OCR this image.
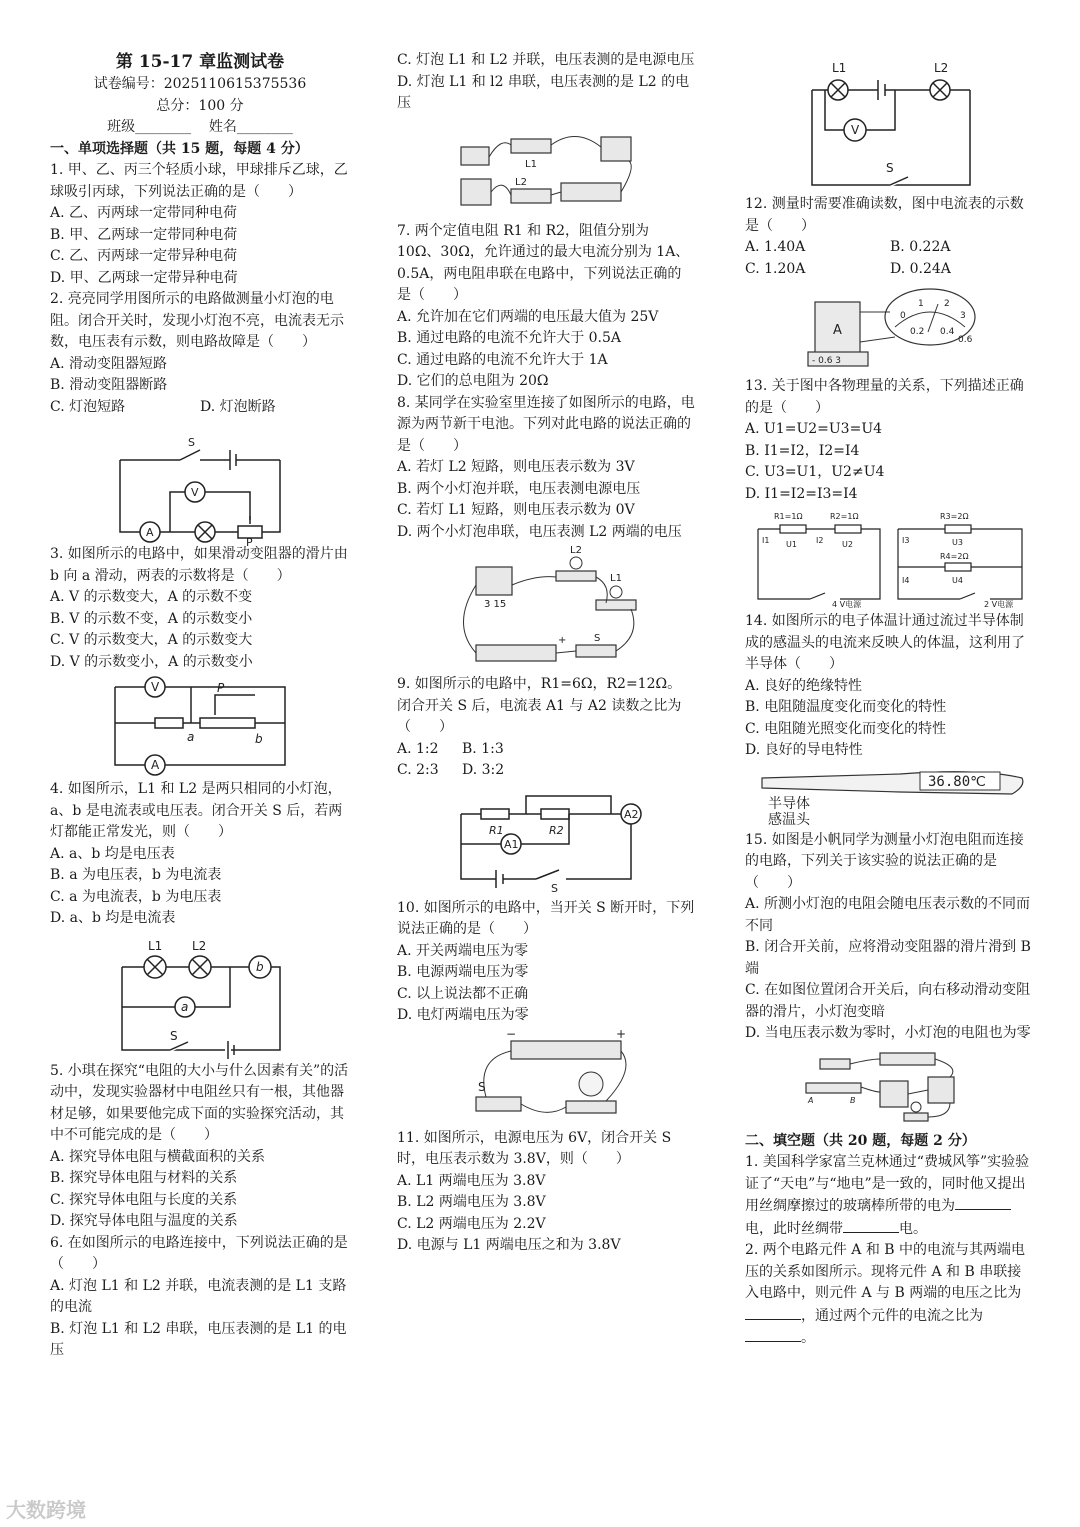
第 15-17 章监测试卷

试卷编号：2025110615375536

总分：100 分

班级________ 姓名________

一、单项选择题（共 15 题，每题 4 分）

1. 甲、乙、丙三个轻质小球，甲球排斥乙球，乙球吸引丙球，下列说法正确的是（　　）

A. 乙、丙两球一定带同种电荷

B. 甲、乙两球一定带同种电荷

C. 乙、丙两球一定带异种电荷

D. 甲、乙两球一定带异种电荷

2. 亮亮同学用图所示的电路做测量小灯泡的电阻。闭合开关时，发现小灯泡不亮，电流表无示数，电压表有示数，则电路故障是（　　）

A. 滑动变阻器短路

B. 滑动变阻器断路

C. 灯泡短路	D. 灯泡断路

S
V
A
P

3. 如图所示的电路中，如果滑动变阻器的滑片由 b 向 a 滑动，两表的示数将是（　　）

A. V 的示数变大，A 的示数不变

B. V 的示数不变，A 的示数变小

C. V 的示数变大，A 的示数变大

D. V 的示数变小，A 的示数变小

V	P
a	b
A

4. 如图所示，L1 和 L2 是两只相同的小灯泡，a、b 是电流表或电压表。闭合开关 S 后，若两灯都能正常发光，则（　　）

A. a、b 均是电压表

B. a 为电压表，b 为电流表

C. a 为电流表，b 为电压表

D. a、b 均是电流表

L1 L2
b
a
S

5. 小琪在探究“电阻的大小与什么因素有关”的活动中，发现实验器材中电阻丝只有一根，其他器材足够，如果要他完成下面的实验探究活动，其中不可能完成的是（　　）

A. 探究导体电阻与横截面积的关系

B. 探究导体电阻与材料的关系

C. 探究导体电阻与长度的关系

D. 探究导体电阻与温度的关系

6. 在如图所示的电路连接中，下列说法正确的是（　　）

A. 灯泡 L1 和 L2 并联，电流表测的是 L1 支路的电流

B. 灯泡 L1 和 L2 串联，电压表测的是 L1 的电压

C. 灯泡 L1 和 L2 并联，电压表测的是电源电压

D. 灯泡 L1 和 l2 串联，电压表测的是 L2 的电压

L1
L2

7. 两个定值电阻 R1 和 R2，阻值分别为 10Ω、30Ω，允许通过的最大电流分别为 1A、0.5A，两电阻串联在电路中，下列说法正确的是（　　）

A. 允许加在它们两端的电压最大值为 25V

B. 通过电路的电流不允许大于 0.5A

C. 通过电路的电流不允许大于 1A

D. 它们的总电阻为 20Ω

8. 某同学在实验室里连接了如图所示的电路，电源为两节新干电池。下列对此电路的说法正确的是（　　）

A. 若灯 L2 短路，则电压表示数为 3V

B. 两个小灯泡并联，电压表测电源电压

C. 若灯 L1 短路，则电压表示数为 0V

D. 两个小灯泡串联，电压表测 L2 两端的电压

L2
L1
3 15
+	S

9. 如图所示的电路中，R1=6Ω，R2=12Ω。闭合开关 S 后，电流表 A1 与 A2 读数之比为（　　）

A. 1:2	B. 1:3

C. 2:3	D. 3:2

R1	R2
A1
A2
S

10. 如图所示的电路中，当开关 S 断开时，下列说法正确的是（　　）

A. 开关两端电压为零

B. 电源两端电压为零

C. 以上说法都不正确

D. 电灯两端电压为零

−	+
S

11. 如图所示，电源电压为 6V，闭合开关 S 时，电压表示数为 3.8V，则（　　）

A. L1 两端电压为 3.8V

B. L2 两端电压为 3.8V

C. L2 两端电压为 2.2V

D. 电源与 L1 两端电压之和为 3.8V

L1	L2
V
S

12. 测量时需要准确读数，图中电流表的示数是（　　）

A. 1.40A	B. 0.22A

C. 1.20A	D. 0.24A

A
- 0.6 3
0
1 2
3
0.2 0.4
0.6

13. 关于图中各物理量的关系，下列描述正确的是（　　）

A. U1=U2=U3=U4

B. I1=I2，I2=I4

C. U3=U1，U2≠U4

D. I1=I2=I3=I4

R1=1Ω	R2=1Ω
I1	I2
U1	U2
4 V电源
R3=2Ω
R4=2Ω
I3
I4
U3
U4
2 V电源

14. 如图所示的电子体温计通过流过半导体制成的感温头的电流来反映人的体温，这利用了半导体（　　）

A. 良好的绝缘特性

B. 电阻随温度变化而变化的特性

C. 电阻随光照变化而变化的特性

D. 良好的导电特性

36.80℃
半导体
感温头

15. 如图是小帆同学为测量小灯泡电阻而连接的电路，下列关于该实验的说法正确的是（　　）

A. 所测小灯泡的电阻会随电压表示数的不同而不同

B. 闭合开关前，应将滑动变阻器的滑片滑到 B 端

C. 在如图位置闭合开关后，向右移动滑动变阻器的滑片，小灯泡变暗

D. 当电压表示数为零时，小灯泡的电阻也为零

A	B

二、填空题（共 20 题，每题 2 分）

1. 美国科学家富兰克林通过“费城风筝”实验验证了“天电”与“地电”是一致的，同时他又提出用丝绸摩擦过的玻璃棒所带的电为电，此时丝绸带	电。

2. 两个电路元件 A 和 B 中的电流与其两端电压的关系如图所示。现将元件 A 和 B 串联接入电路中，则元件 A 与 B 两端的电压之比为，通过两个元件的电流之比为。

大数跨境
